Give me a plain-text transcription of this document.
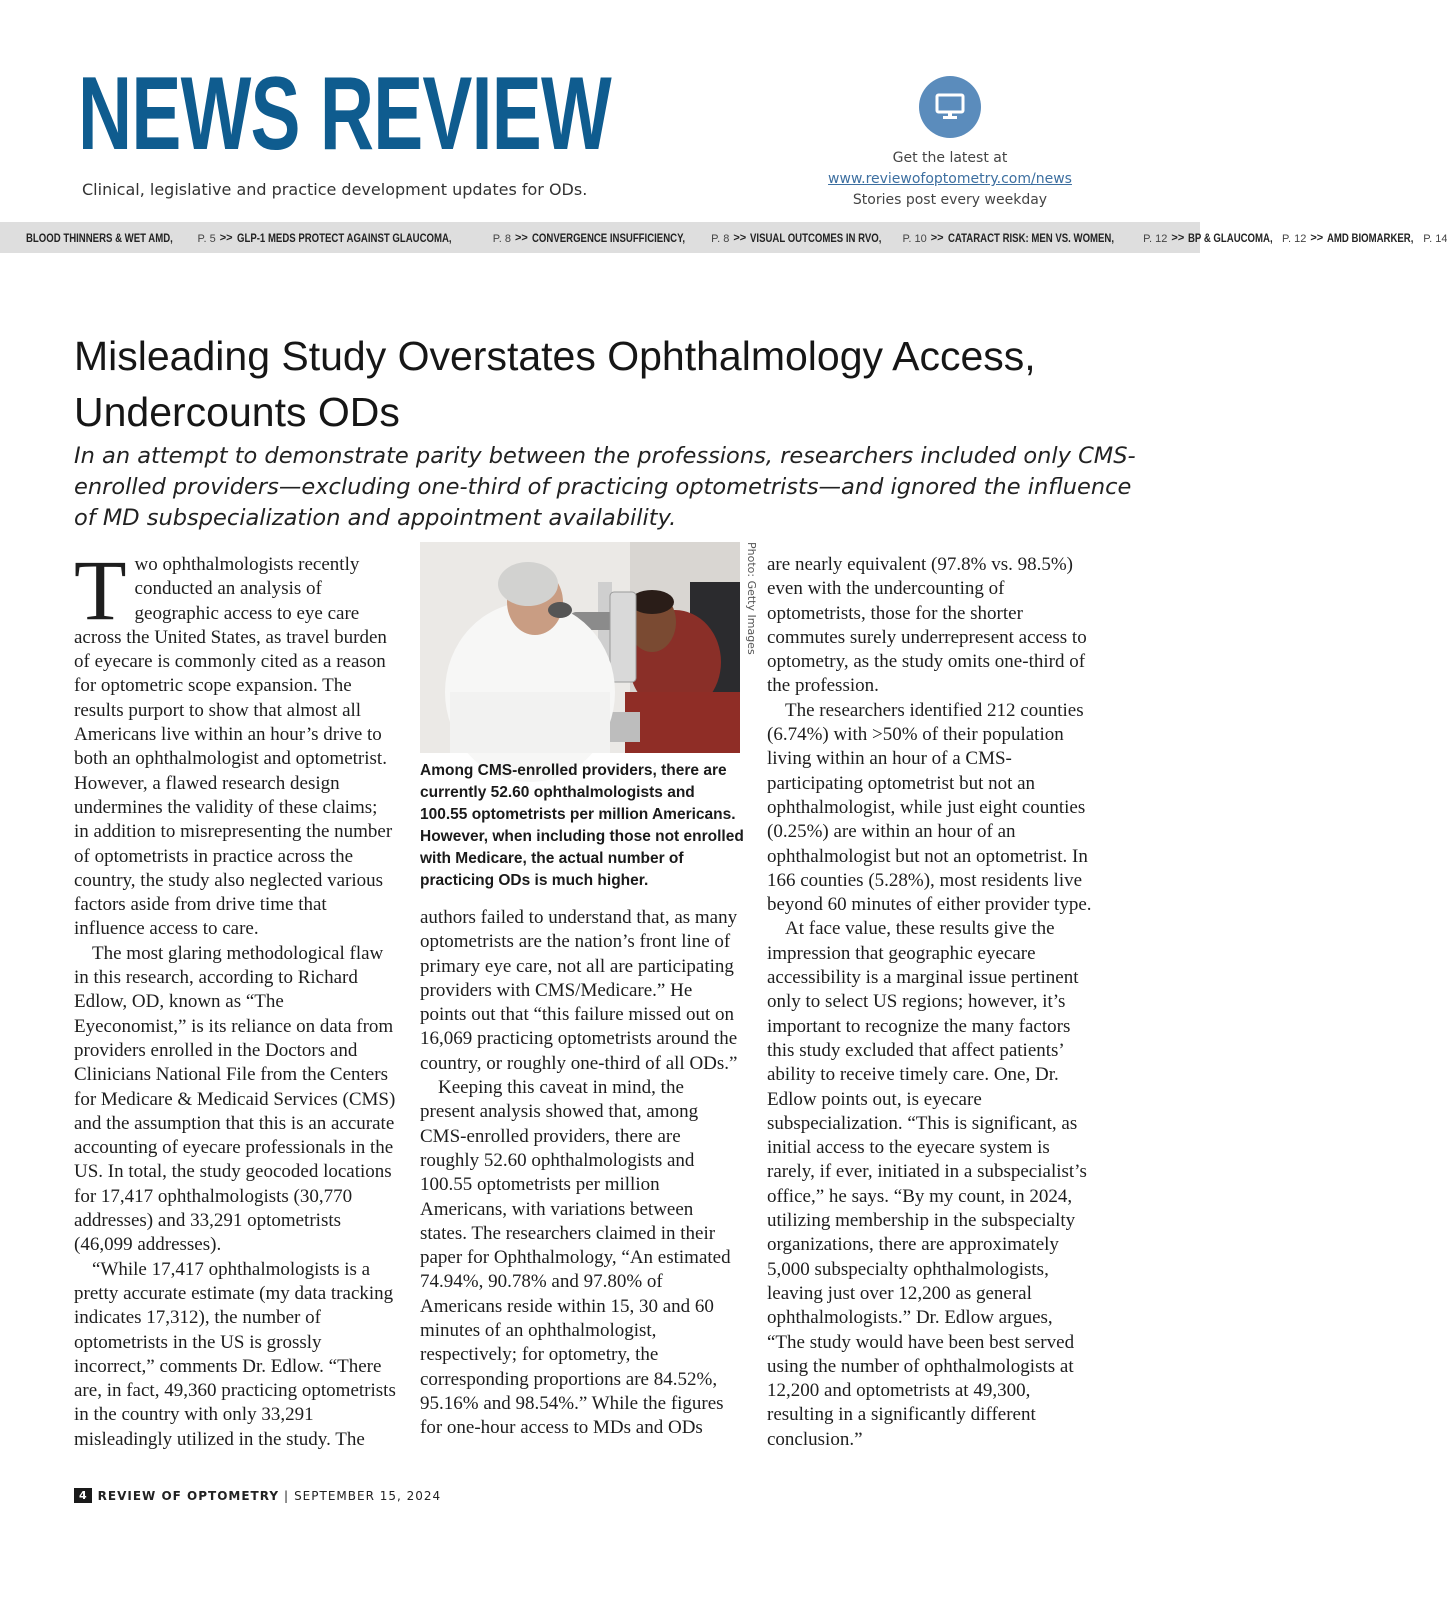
NEWS REVIEW
Clinical, legislative and practice development updates for ODs.
Get the latest at
www.reviewofoptometry.com/news
Stories post every weekday
BLOOD THINNERS & WET AMD, P. 5 >> GLP-1 MEDS PROTECT AGAINST GLAUCOMA,	P. 8 >> CONVERGENCE INSUFFICIENCY, P. 8 >> VISUAL OUTCOMES IN RVO, P. 10 >> CATARACT RISK: MEN VS. WOMEN,	P. 12 >> BP & GLAUCOMA, P. 12 >> AMD BIOMARKER, P. 14
Misleading Study Overstates Ophthalmology Access, Undercounts ODs

In an attempt to demonstrate parity between the professions, researchers included only CMS-enrolled providers—excluding one-third of practicing optometrists—and ignored the influence of MD subspecialization and appointment availability.

Two ophthalmologists recently conducted an analysis of geographic access to eye care across the United States, as travel burden of eyecare is commonly cited as a reason for optometric scope expansion. The results purport to show that almost all Americans live within an hour’s drive to both an ophthalmologist and optometrist. However, a flawed research design undermines the validity of these claims; in addition to misrepresenting the number of optometrists in practice across the country, the study also neglected various factors aside from drive time that influence access to care.

The most glaring methodological flaw in this research, according to Richard Edlow, OD, known as “The Eyeconomist,” is its reliance on data from providers enrolled in the Doctors and Clinicians National File from the Centers for Medicare & Medicaid Services (CMS) and the assumption that this is an accurate accounting of eyecare professionals in the US. In total, the study geocoded locations for 17,417 ophthalmologists (30,770 addresses) and 33,291 optometrists (46,099 addresses).

“While 17,417 ophthalmologists is a pretty accurate estimate (my data tracking indicates 17,312), the number of optometrists in the US is grossly incorrect,” comments Dr. Edlow. “There are, in fact, 49,360 practicing optometrists in the country with only 33,291 misleadingly utilized in the study. The

Photo: Getty Images

Among CMS-enrolled providers, there are currently 52.60 ophthalmologists and 100.55 optometrists per million Americans. However, when including those not enrolled with Medicare, the actual number of practicing ODs is much higher.

authors failed to understand that, as many optometrists are the nation’s front line of primary eye care, not all are participating providers with CMS/Medicare.” He points out that “this failure missed out on 16,069 practicing optometrists around the country, or roughly one-third of all ODs.”

Keeping this caveat in mind, the present analysis showed that, among CMS-enrolled providers, there are roughly 52.60 ophthalmologists and 100.55 optometrists per million Americans, with variations between states. The researchers claimed in their paper for Ophthalmology, “An estimated 74.94%, 90.78% and 97.80% of Americans reside within 15, 30 and 60 minutes of an ophthalmologist, respectively; for optometry, the corresponding proportions are 84.52%, 95.16% and 98.54%.” While the figures for one-hour access to MDs and ODs

are nearly equivalent (97.8% vs. 98.5%) even with the undercounting of optometrists, those for the shorter commutes surely underrepresent access to optometry, as the study omits one-third of the profession.

The researchers identified 212 counties (6.74%) with >50% of their population living within an hour of a CMS-participating optometrist but not an ophthalmologist, while just eight counties (0.25%) are within an hour of an ophthalmologist but not an optometrist. In 166 counties (5.28%), most residents live beyond 60 minutes of either provider type.

At face value, these results give the impression that geographic eyecare accessibility is a marginal issue pertinent only to select US regions; however, it’s important to recognize the many factors this study excluded that affect patients’ ability to receive timely care. One, Dr. Edlow points out, is eyecare subspecialization. “This is significant, as initial access to the eyecare system is rarely, if ever, initiated in a subspecialist’s office,” he says. “By my count, in 2024, utilizing membership in the subspecialty organizations, there are approximately 5,000 subspecialty ophthalmologists, leaving just over 12,200 as general ophthalmologists.” Dr. Edlow argues, “The study would have been best served using the number of ophthalmologists at 12,200 and optometrists at 49,300, resulting in a significantly different conclusion.”

4 REVIEW OF OPTOMETRY | SEPTEMBER 15, 2024
